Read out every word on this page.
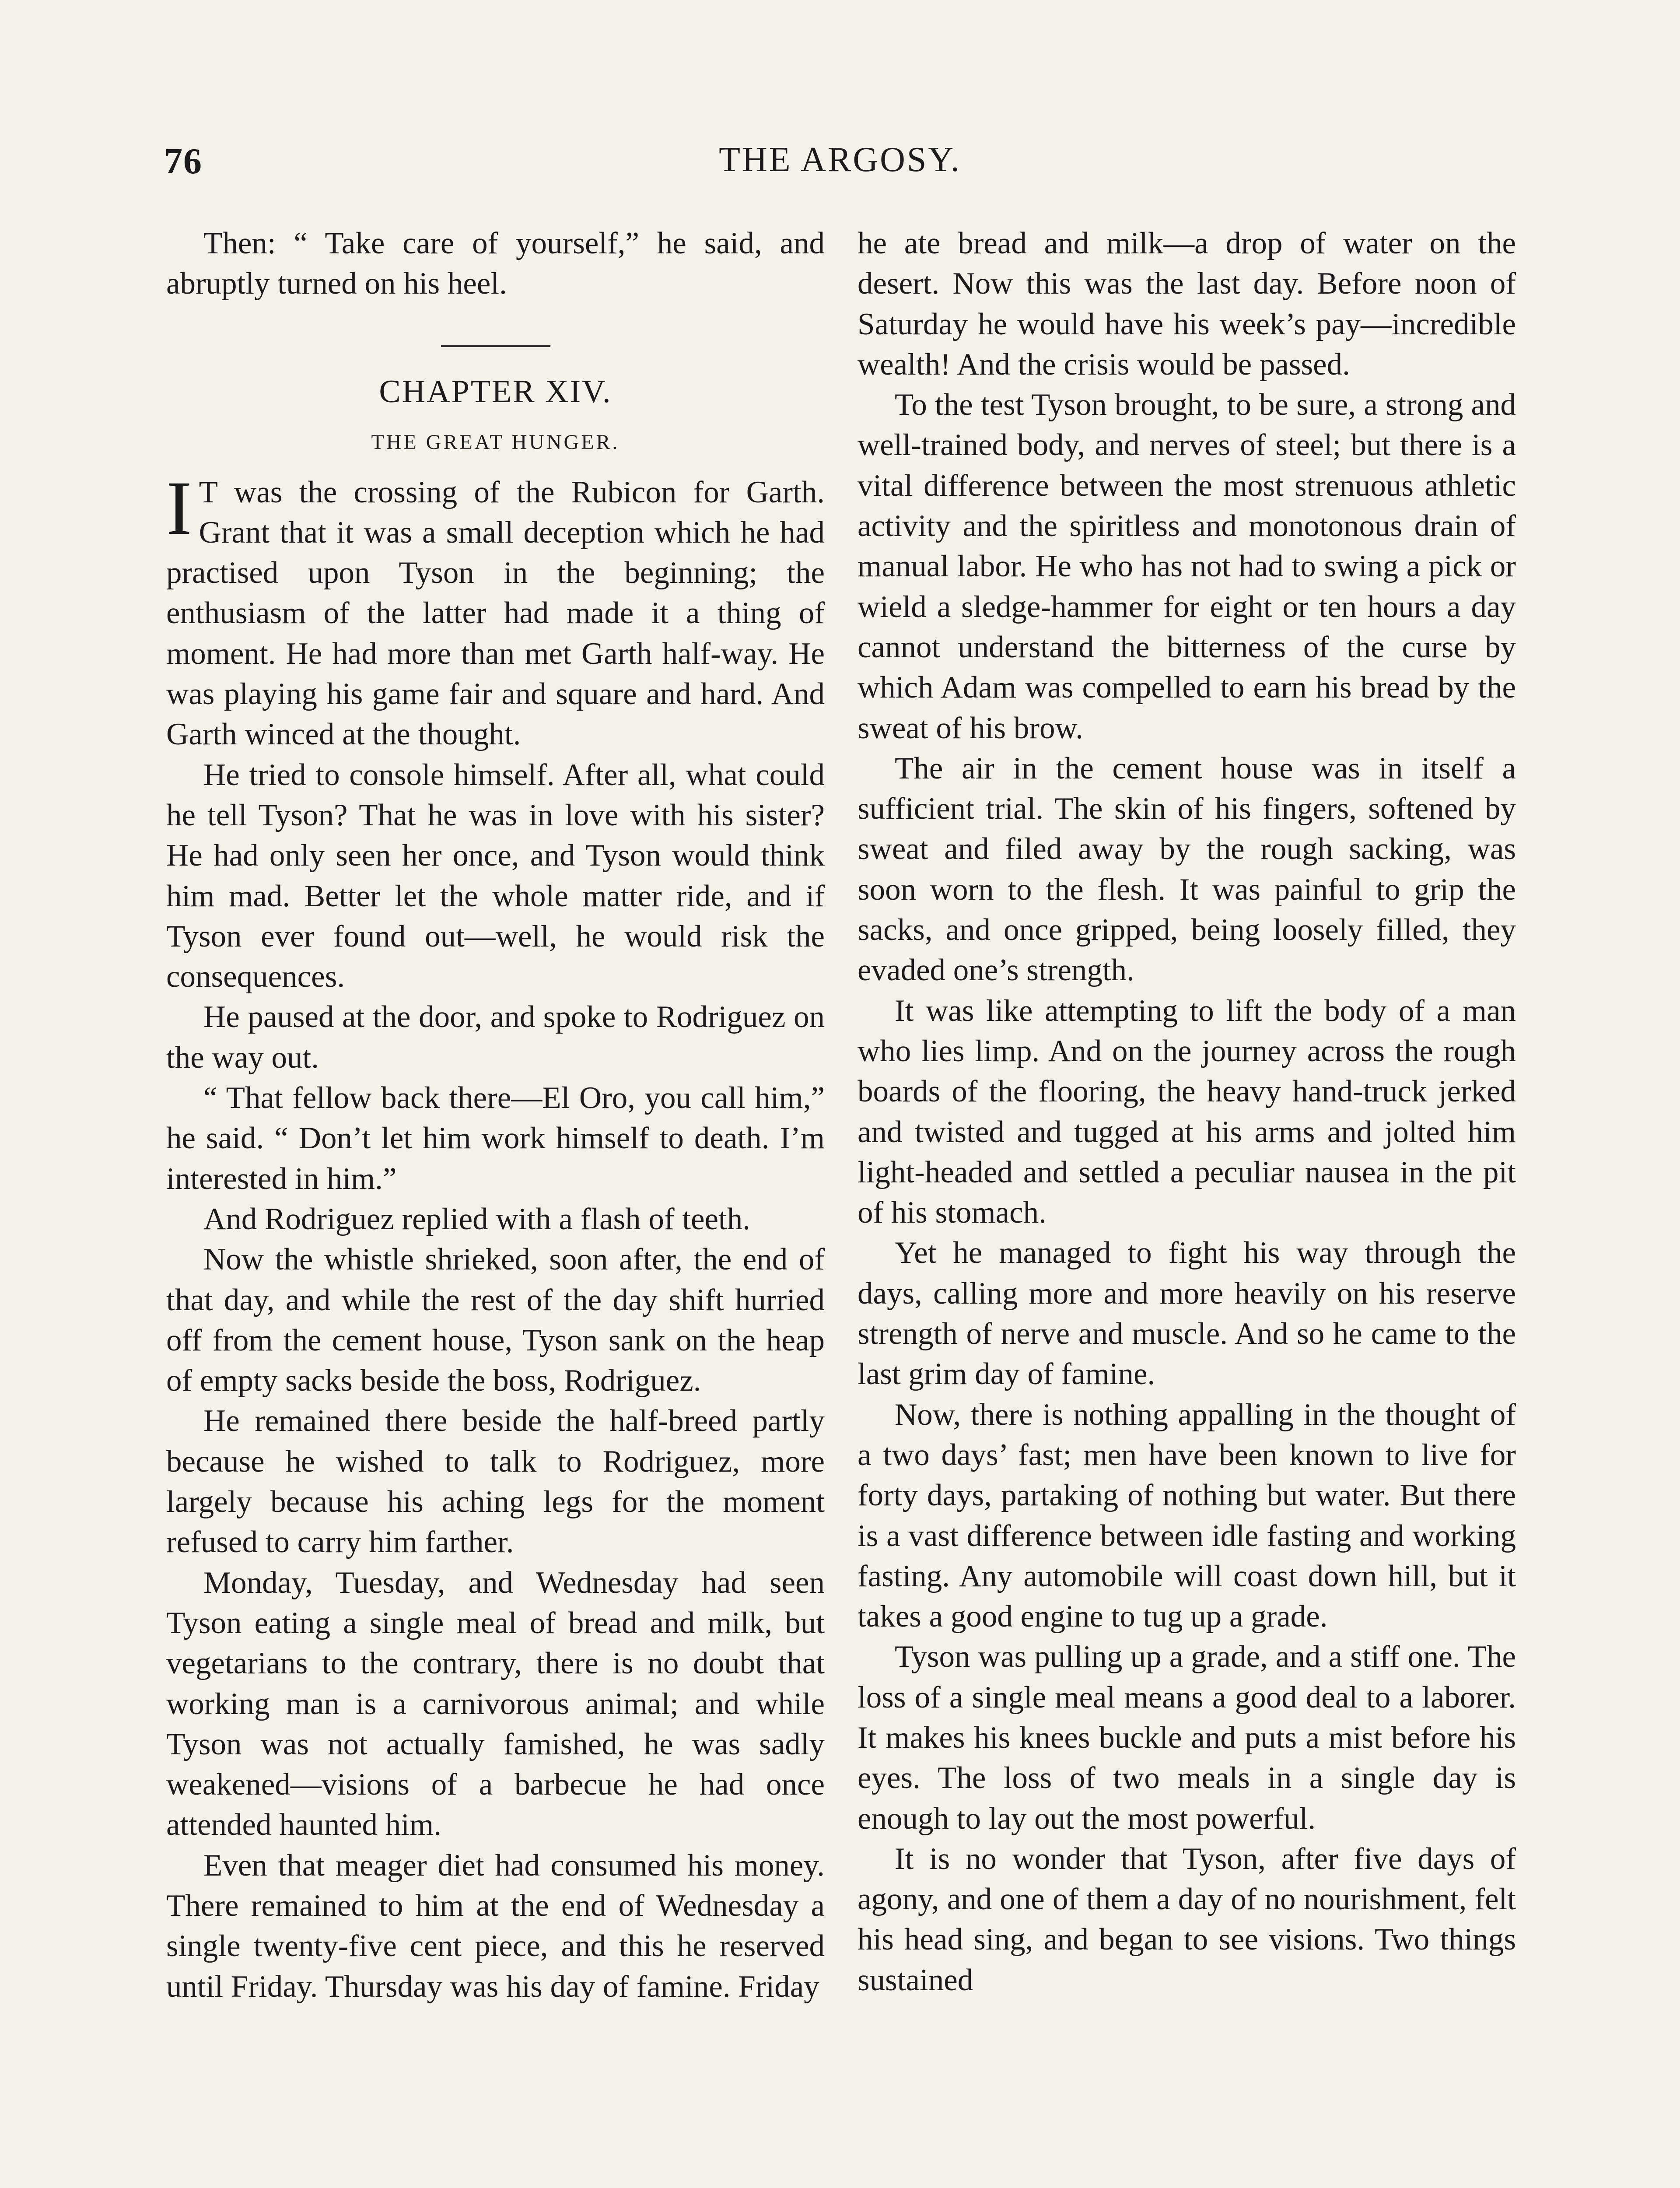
76	THE ARGOSY.

Then: “ Take care of yourself,” he said, and abruptly turned on his heel.

CHAPTER XIV.
THE GREAT HUNGER.

I T was the crossing of the Rubicon for Garth. Grant that it was a small deception which he had practised upon Tyson in the beginning; the enthusiasm of the latter had made it a thing of moment. He had more than met Garth half-way. He was playing his game fair and square and hard. And Garth winced at the thought.

He tried to console himself. After all, what could he tell Tyson? That he was in love with his sister? He had only seen her once, and Tyson would think him mad. Better let the whole matter ride, and if Tyson ever found out—well, he would risk the consequences.

He paused at the door, and spoke to Rodriguez on the way out.

“ That fellow back there—El Oro, you call him,” he said. “ Don’t let him work himself to death. I’m interested in him.”

And Rodriguez replied with a flash of teeth.

Now the whistle shrieked, soon after, the end of that day, and while the rest of the day shift hurried off from the cement house, Tyson sank on the heap of empty sacks beside the boss, Rodriguez.

He remained there beside the half-breed partly because he wished to talk to Rodriguez, more largely because his aching legs for the moment refused to carry him farther.

Monday, Tuesday, and Wednesday had seen Tyson eating a single meal of bread and milk, but vegetarians to the contrary, there is no doubt that working man is a carnivorous animal; and while Tyson was not actually famished, he was sadly weakened—visions of a barbecue he had once attended haunted him.

Even that meager diet had consumed his money. There remained to him at the end of Wednesday a single twenty-five cent piece, and this he reserved until Friday. Thursday was his day of famine. Friday

he ate bread and milk—a drop of water on the desert. Now this was the last day. Before noon of Saturday he would have his week’s pay—incredible wealth! And the crisis would be passed.

To the test Tyson brought, to be sure, a strong and well-trained body, and nerves of steel; but there is a vital difference between the most strenuous athletic activity and the spiritless and monotonous drain of manual labor. He who has not had to swing a pick or wield a sledge-hammer for eight or ten hours a day cannot understand the bitterness of the curse by which Adam was compelled to earn his bread by the sweat of his brow.

The air in the cement house was in itself a sufficient trial. The skin of his fingers, softened by sweat and filed away by the rough sacking, was soon worn to the flesh. It was painful to grip the sacks, and once gripped, being loosely filled, they evaded one’s strength.

It was like attempting to lift the body of a man who lies limp. And on the journey across the rough boards of the flooring, the heavy hand-truck jerked and twisted and tugged at his arms and jolted him light-headed and settled a peculiar nausea in the pit of his stomach.

Yet he managed to fight his way through the days, calling more and more heavily on his reserve strength of nerve and muscle. And so he came to the last grim day of famine.

Now, there is nothing appalling in the thought of a two days’ fast; men have been known to live for forty days, partaking of nothing but water. But there is a vast difference between idle fasting and working fasting. Any automobile will coast down hill, but it takes a good engine to tug up a grade.

Tyson was pulling up a grade, and a stiff one. The loss of a single meal means a good deal to a laborer. It makes his knees buckle and puts a mist before his eyes. The loss of two meals in a single day is enough to lay out the most powerful.

It is no wonder that Tyson, after five days of agony, and one of them a day of no nourishment, felt his head sing, and began to see visions. Two things sustained
